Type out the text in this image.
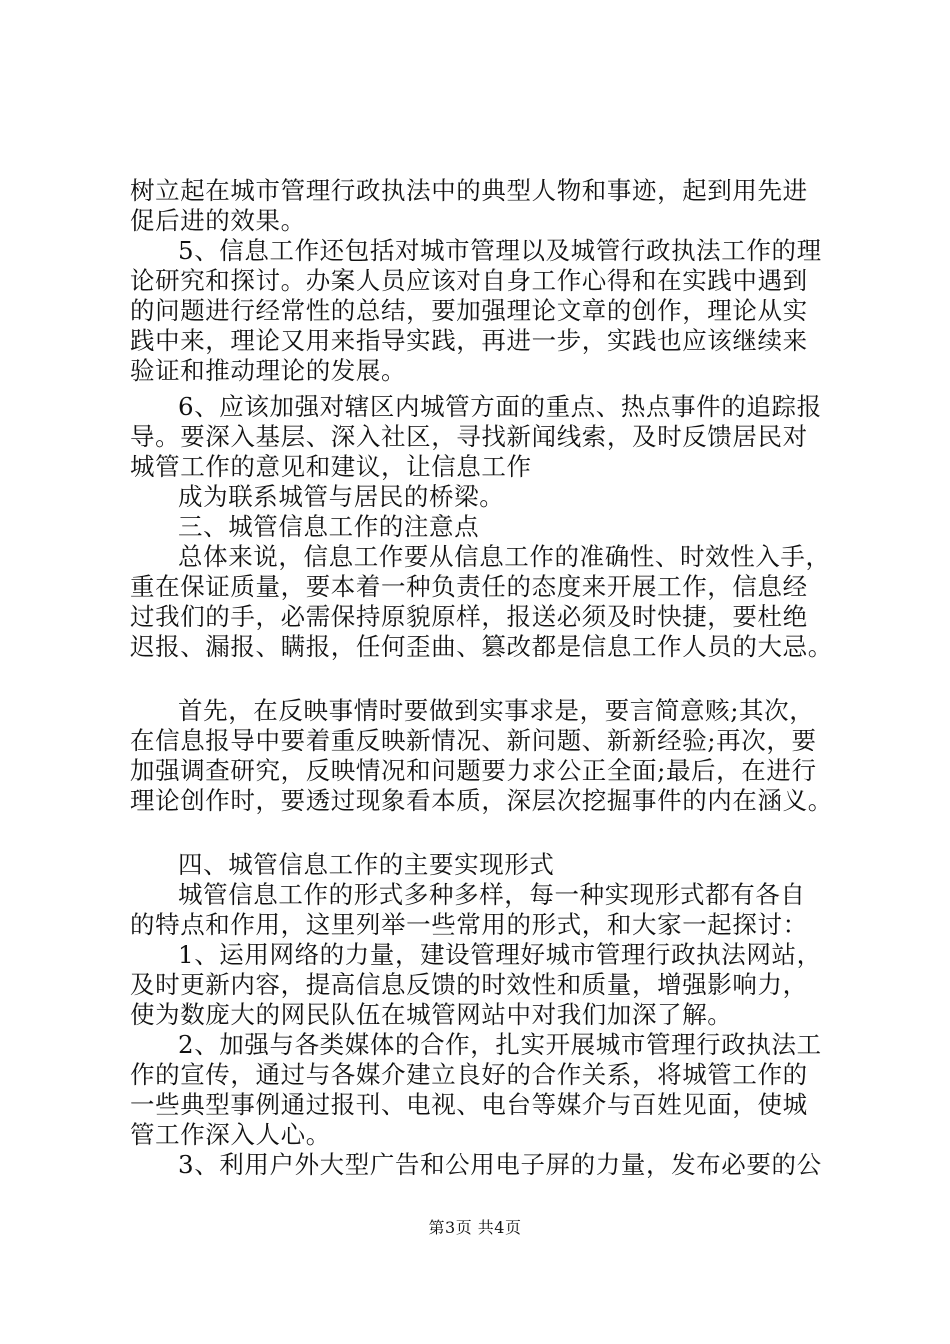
树立起在城市管理行政执法中的典型人物和事迹，起到用先进
促后进的效果。
5、信息工作还包括对城市管理以及城管行政执法工作的理
论研究和探讨。办案人员应该对自身工作心得和在实践中遇到
的问题进行经常性的总结，要加强理论文章的创作，理论从实
践中来，理论又用来指导实践，再进一步，实践也应该继续来
验证和推动理论的发展。
6、应该加强对辖区内城管方面的重点、热点事件的追踪报
导。要深入基层、深入社区，寻找新闻线索，及时反馈居民对
城管工作的意见和建议，让信息工作
成为联系城管与居民的桥梁。
三、城管信息工作的注意点
总体来说，信息工作要从信息工作的准确性、时效性入手，
重在保证质量，要本着一种负责任的态度来开展工作，信息经
过我们的手，必需保持原貌原样，报送必须及时快捷，要杜绝
迟报、漏报、瞒报，任何歪曲、篡改都是信息工作人员的大忌。
首先，在反映事情时要做到实事求是，要言简意赅;其次，
在信息报导中要着重反映新情况、新问题、新新经验;再次，要
加强调查研究，反映情况和问题要力求公正全面;最后，在进行
理论创作时，要透过现象看本质，深层次挖掘事件的内在涵义。
四、城管信息工作的主要实现形式
城管信息工作的形式多种多样，每一种实现形式都有各自
的特点和作用，这里列举一些常用的形式，和大家一起探讨：
1、运用网络的力量，建设管理好城市管理行政执法网站，
及时更新内容，提高信息反馈的时效性和质量，增强影响力，
使为数庞大的网民队伍在城管网站中对我们加深了解。
2、加强与各类媒体的合作，扎实开展城市管理行政执法工
作的宣传，通过与各媒介建立良好的合作关系，将城管工作的
一些典型事例通过报刊、电视、电台等媒介与百姓见面，使城
管工作深入人心。
3、利用户外大型广告和公用电子屏的力量，发布必要的公
第3页 共4页
